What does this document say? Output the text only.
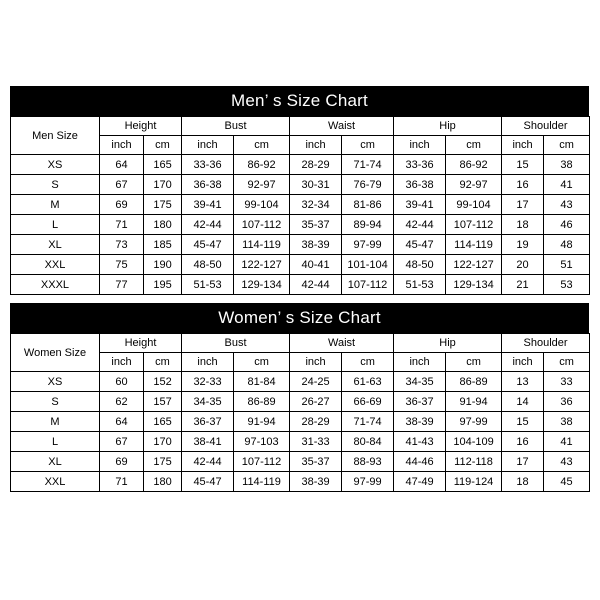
Men’ s Size Chart
Men Size	Height		Bust		Waist		Hip		Shoulder	
	inch	cm	inch	cm	inch	cm	inch	cm	inch	cm
XS	64	165	33-36	86-92	28-29	71-74	33-36	86-92	15	38
S	67	170	36-38	92-97	30-31	76-79	36-38	92-97	16	41
M	69	175	39-41	99-104	32-34	81-86	39-41	99-104	17	43
L	71	180	42-44	107-112	35-37	89-94	42-44	107-112	18	46
XL	73	185	45-47	114-119	38-39	97-99	45-47	114-119	19	48
XXL	75	190	48-50	122-127	40-41	101-104	48-50	122-127	20	51
XXXL	77	195	51-53	129-134	42-44	107-112	51-53	129-134	21	53
Women’ s Size Chart
Women Size	Height		Bust		Waist		Hip		Shoulder	
	inch	cm	inch	cm	inch	cm	inch	cm	inch	cm
XS	60	152	32-33	81-84	24-25	61-63	34-35	86-89	13	33
S	62	157	34-35	86-89	26-27	66-69	36-37	91-94	14	36
M	64	165	36-37	91-94	28-29	71-74	38-39	97-99	15	38
L	67	170	38-41	97-103	31-33	80-84	41-43	104-109	16	41
XL	69	175	42-44	107-112	35-37	88-93	44-46	112-118	17	43
XXL	71	180	45-47	114-119	38-39	97-99	47-49	119-124	18	45
